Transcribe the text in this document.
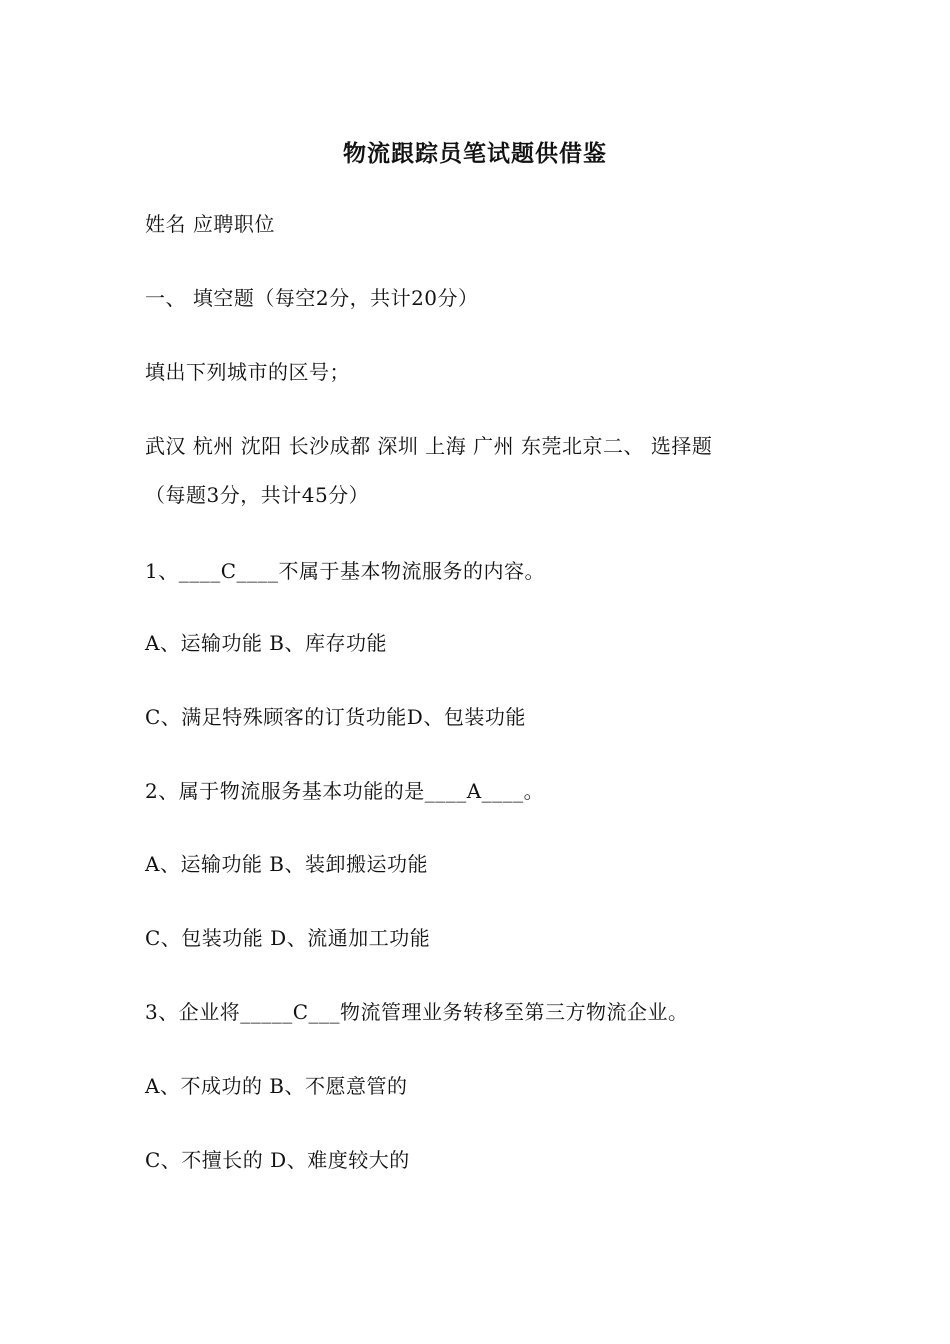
物流跟踪员笔试题供借鉴
姓名 应聘职位
一、 填空题（每空2分，共计20分）
填出下列城市的区号；
武汉 杭州 沈阳 长沙成都 深圳 上海 广州 东莞北京二、 选择题
（每题3分，共计45分）
1、____C____不属于基本物流服务的内容。
A、运输功能 B、库存功能
C、满足特殊顾客的订货功能D、包装功能
2、属于物流服务基本功能的是____A____。
A、运输功能 B、装卸搬运功能
C、包装功能 D、流通加工功能
3、企业将_____C___物流管理业务转移至第三方物流企业。
A、不成功的 B、不愿意管的
C、不擅长的 D、难度较大的
